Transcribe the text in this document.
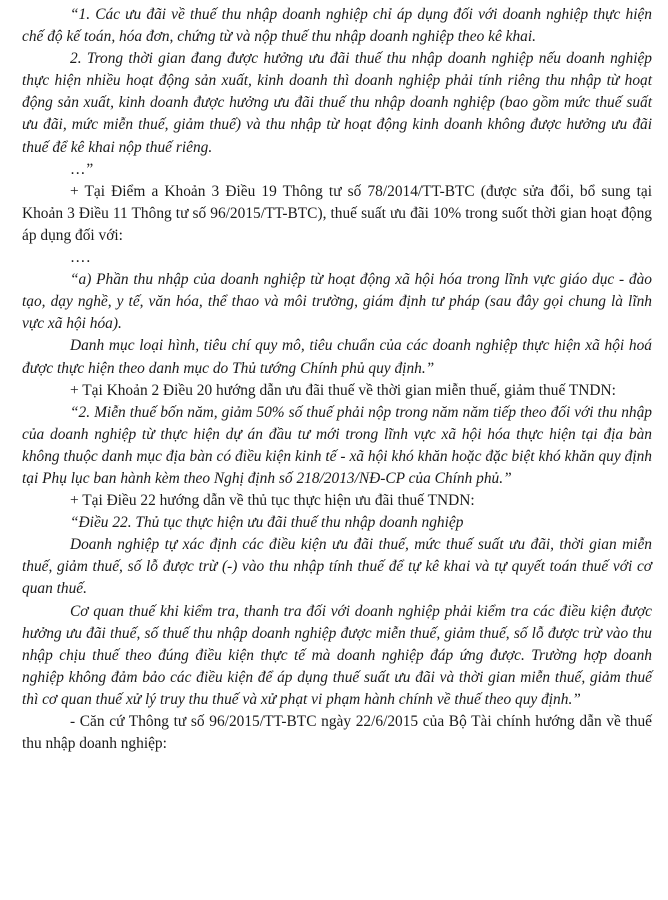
“1. Các ưu đãi về thuế thu nhập doanh nghiệp chỉ áp dụng đối với doanh nghiệp thực hiện chế độ kế toán, hóa đơn, chứng từ và nộp thuế thu nhập doanh nghiệp theo kê khai.

2. Trong thời gian đang được hưởng ưu đãi thuế thu nhập doanh nghiệp nếu doanh nghiệp thực hiện nhiều hoạt động sản xuất, kinh doanh thì doanh nghiệp phải tính riêng thu nhập từ hoạt động sản xuất, kinh doanh được hưởng ưu đãi thuế thu nhập doanh nghiệp (bao gồm mức thuế suất ưu đãi, mức miễn thuế, giảm thuế) và thu nhập từ hoạt động kinh doanh không được hưởng ưu đãi thuế để kê khai nộp thuế riêng.

…”

+ Tại Điểm a Khoản 3 Điều 19 Thông tư số 78/2014/TT-BTC (được sửa đổi, bổ sung tại Khoản 3 Điều 11 Thông tư số 96/2015/TT-BTC), thuế suất ưu đãi 10% trong suốt thời gian hoạt động áp dụng đối với:

….

“a) Phần thu nhập của doanh nghiệp từ hoạt động xã hội hóa trong lĩnh vực giáo dục - đào tạo, dạy nghề, y tế, văn hóa, thể thao và môi trường, giám định tư pháp (sau đây gọi chung là lĩnh vực xã hội hóa).

Danh mục loại hình, tiêu chí quy mô, tiêu chuẩn của các doanh nghiệp thực hiện xã hội hoá được thực hiện theo danh mục do Thủ tướng Chính phủ quy định.”

+ Tại Khoản 2 Điều 20 hướng dẫn ưu đãi thuế về thời gian miễn thuế, giảm thuế TNDN:

“2. Miễn thuế bốn năm, giảm 50% số thuế phải nộp trong năm năm tiếp theo đối với thu nhập của doanh nghiệp từ thực hiện dự án đầu tư mới trong lĩnh vực xã hội hóa thực hiện tại địa bàn không thuộc danh mục địa bàn có điều kiện kinh tế - xã hội khó khăn hoặc đặc biệt khó khăn quy định tại Phụ lục ban hành kèm theo Nghị định số 218/2013/NĐ-CP của Chính phủ.”

+ Tại Điều 22 hướng dẫn về thủ tục thực hiện ưu đãi thuế TNDN:

“Điều 22. Thủ tục thực hiện ưu đãi thuế thu nhập doanh nghiệp

Doanh nghiệp tự xác định các điều kiện ưu đãi thuế, mức thuế suất ưu đãi, thời gian miễn thuế, giảm thuế, số lỗ được trừ (-) vào thu nhập tính thuế để tự kê khai và tự quyết toán thuế với cơ quan thuế.

Cơ quan thuế khi kiểm tra, thanh tra đối với doanh nghiệp phải kiểm tra các điều kiện được hưởng ưu đãi thuế, số thuế thu nhập doanh nghiệp được miễn thuế, giảm thuế, số lỗ được trừ vào thu nhập chịu thuế theo đúng điều kiện thực tế mà doanh nghiệp đáp ứng được. Trường hợp doanh nghiệp không đảm bảo các điều kiện để áp dụng thuế suất ưu đãi và thời gian miễn thuế, giảm thuế thì cơ quan thuế xử lý truy thu thuế và xử phạt vi phạm hành chính về thuế theo quy định.”

- Căn cứ Thông tư số 96/2015/TT-BTC ngày 22/6/2015 của Bộ Tài chính hướng dẫn về thuế thu nhập doanh nghiệp:
